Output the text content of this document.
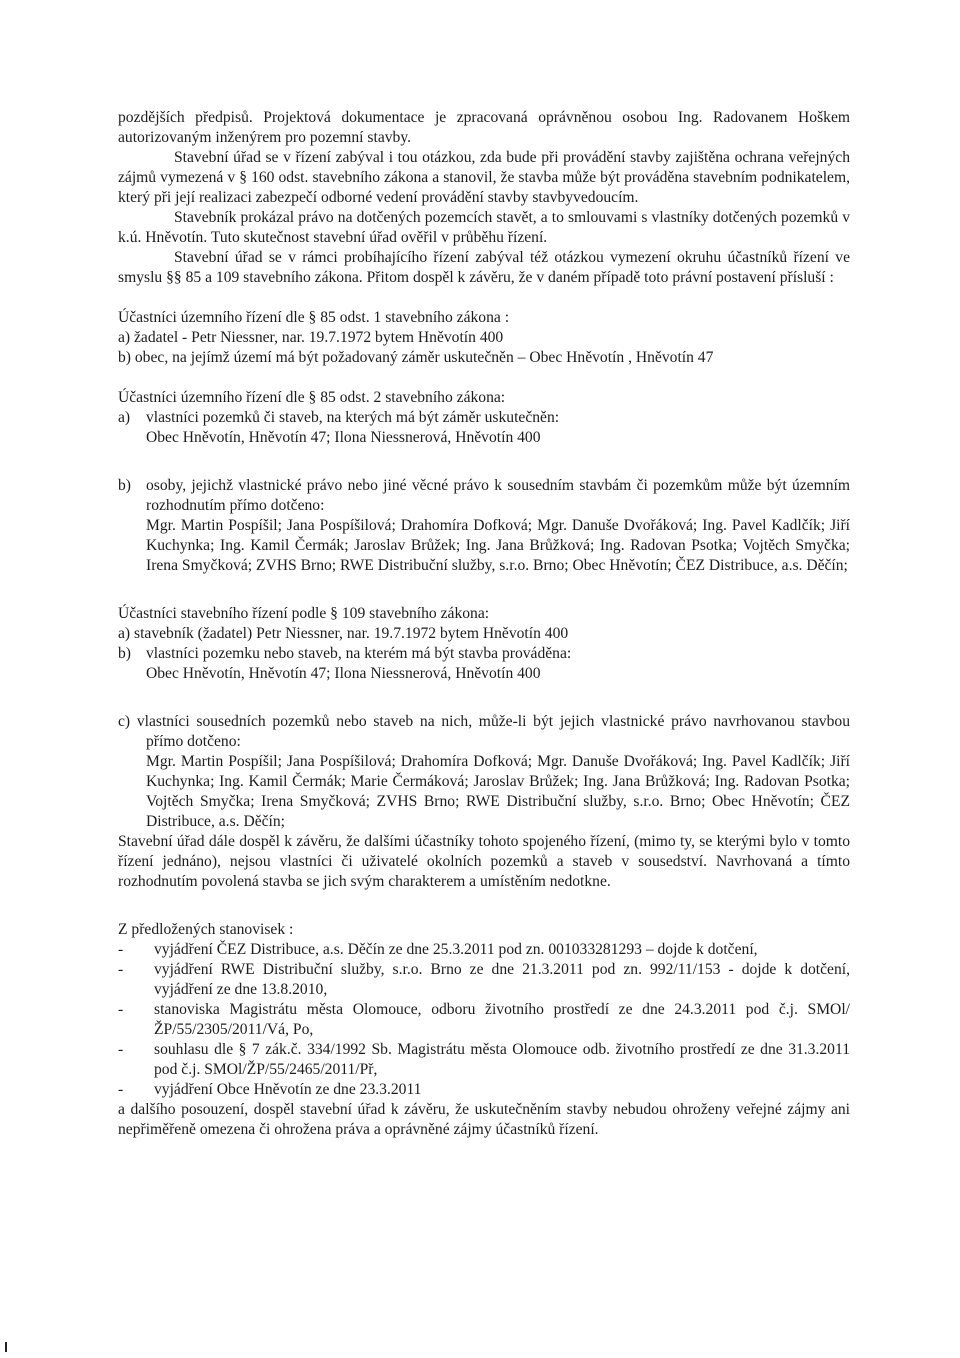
pozdějších předpisů. Projektová dokumentace je zpracovaná oprávněnou osobou Ing. Radovanem Hoškem autorizovaným inženýrem pro pozemní stavby.

Stavební úřad se v řízení zabýval i tou otázkou, zda bude při provádění stavby zajištěna ochrana veřejných zájmů vymezená v § 160 odst. stavebního zákona a stanovil, že stavba může být prováděna stavebním podnikatelem, který při její realizaci zabezpečí odborné vedení provádění stavby stavbyvedoucím.

Stavebník prokázal právo na dotčených pozemcích stavět, a to smlouvami s vlastníky dotčených pozemků v k.ú. Hněvotín. Tuto skutečnost stavební úřad ověřil v průběhu řízení.

Stavební úřad se v rámci probíhajícího řízení zabýval též otázkou vymezení okruhu účastníků řízení ve smyslu §§ 85 a 109 stavebního zákona. Přitom dospěl k závěru, že v daném případě toto právní postavení přísluší :

Účastníci územního řízení dle § 85 odst. 1 stavebního zákona :

a) žadatel - Petr Niessner, nar. 19.7.1972 bytem Hněvotín 400

b) obec, na jejímž území má být požadovaný záměr uskutečněn – Obec Hněvotín , Hněvotín 47

Účastníci územního řízení dle § 85 odst. 2 stavebního zákona:

a)	vlastníci pozemků či staveb, na kterých má být záměr uskutečněn:

Obec Hněvotín, Hněvotín 47; Ilona Niessnerová, Hněvotín 400

b) osoby, jejichž vlastnické právo nebo jiné věcné právo k sousedním stavbám či pozemkům může být územním rozhodnutím přímo dotčeno:

Mgr. Martin Pospíšil; Jana Pospíšilová; Drahomíra Dofková; Mgr. Danuše Dvořáková; Ing. Pavel Kadlčík; Jiří Kuchynka; Ing. Kamil Čermák; Jaroslav Brůžek; Ing. Jana Brůžková; Ing. Radovan Psotka; Vojtěch Smyčka; Irena Smyčková; ZVHS Brno; RWE Distribuční služby, s.r.o. Brno; Obec Hněvotín; ČEZ Distribuce, a.s. Děčín;

Účastníci stavebního řízení podle § 109 stavebního zákona:

a) stavebník (žadatel) Petr Niessner, nar. 19.7.1972 bytem Hněvotín 400

b) vlastníci pozemku nebo staveb, na kterém má být stavba prováděna:

Obec Hněvotín, Hněvotín 47; Ilona Niessnerová, Hněvotín 400

c) vlastníci sousedních pozemků nebo staveb na nich, může-li být jejich vlastnické právo navrhovanou stavbou přímo dotčeno:

Mgr. Martin Pospíšil; Jana Pospíšilová; Drahomíra Dofková; Mgr. Danuše Dvořáková; Ing. Pavel Kadlčík; Jiří Kuchynka; Ing. Kamil Čermák; Marie Čermáková; Jaroslav Brůžek; Ing. Jana Brůžková; Ing. Radovan Psotka; Vojtěch Smyčka; Irena Smyčková; ZVHS Brno; RWE Distribuční služby, s.r.o. Brno; Obec Hněvotín; ČEZ Distribuce, a.s. Děčín;

Stavební úřad dále dospěl k závěru, že dalšími účastníky tohoto spojeného řízení, (mimo ty, se kterými bylo v tomto řízení jednáno), nejsou vlastníci či uživatelé okolních pozemků a staveb v sousedství. Navrhovaná a tímto rozhodnutím povolená stavba se jich svým charakterem a umístěním nedotkne.

Z předložených stanovisek :

-	vyjádření ČEZ Distribuce, a.s. Děčín ze dne 25.3.2011 pod zn. 001033281293 – dojde k dotčení,
-	vyjádření RWE Distribuční služby, s.r.o. Brno ze dne 21.3.2011 pod zn. 992/11/153 - dojde k dotčení, vyjádření ze dne 13.8.2010,
-	stanoviska Magistrátu města Olomouce, odboru životního prostředí ze dne 24.3.2011 pod č.j. SMOl/ŽP/55/2305/2011/Vá, Po,
-	souhlasu dle § 7 zák.č. 334/1992 Sb. Magistrátu města Olomouce odb. životního prostředí ze dne 31.3.2011 pod č.j. SMOl/ŽP/55/2465/2011/Př,
-	vyjádření Obce Hněvotín ze dne 23.3.2011

a dalšího posouzení, dospěl stavební úřad k závěru, že uskutečněním stavby nebudou ohroženy veřejné zájmy ani nepřiměřeně omezena či ohrožena práva a oprávněné zájmy účastníků řízení.
